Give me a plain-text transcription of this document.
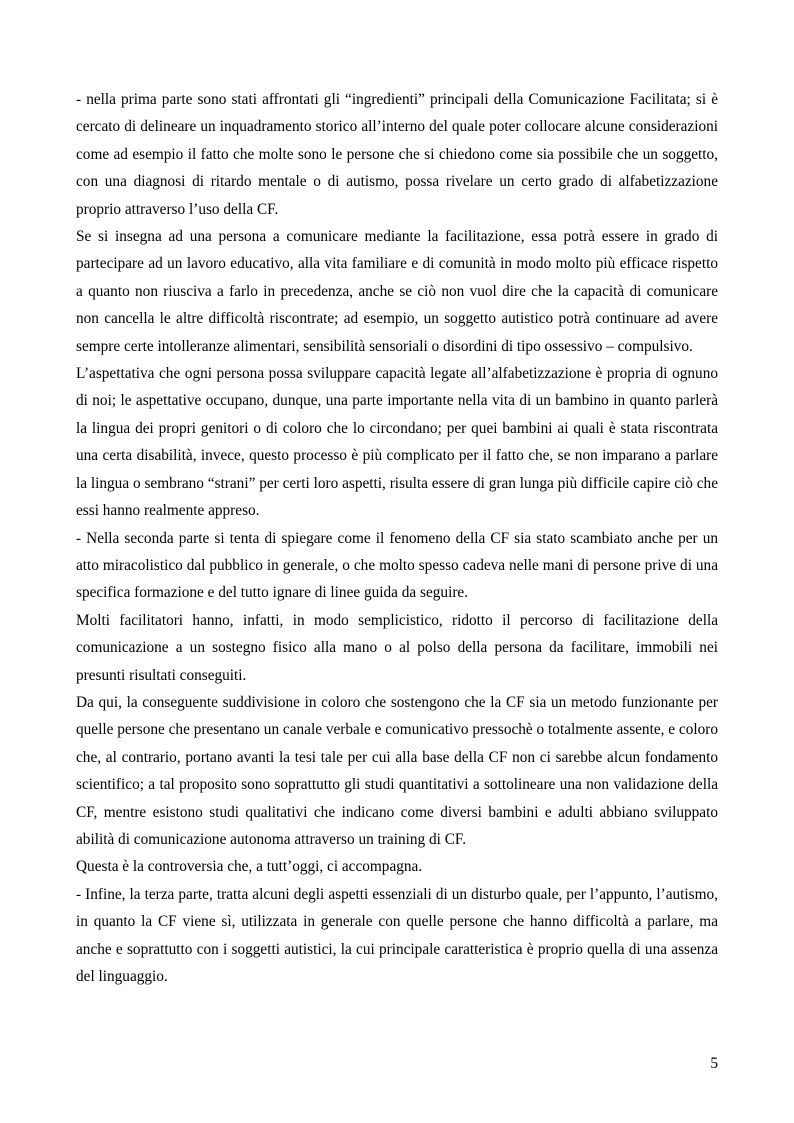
- nella prima parte sono stati affrontati gli “ingredienti” principali della Comunicazione Facilitata; si è cercato di delineare un inquadramento storico all’interno del quale poter collocare alcune considerazioni come ad esempio il fatto che molte sono le persone che si chiedono come sia possibile che un soggetto, con una diagnosi di ritardo mentale o di autismo, possa rivelare un certo grado di alfabetizzazione proprio attraverso l’uso della CF.

Se si insegna ad una persona a comunicare mediante la facilitazione, essa potrà essere in grado di partecipare ad un lavoro educativo, alla vita familiare e di comunità in modo molto più efficace rispetto a quanto non riusciva a farlo in precedenza, anche se ciò non vuol dire che la capacità di comunicare non cancella le altre difficoltà riscontrate; ad esempio, un soggetto autistico potrà continuare ad avere sempre certe intolleranze alimentari, sensibilità sensoriali o disordini di tipo ossessivo – compulsivo.

L’aspettativa che ogni persona possa sviluppare capacità legate all’alfabetizzazione è propria di ognuno di noi; le aspettative occupano, dunque, una parte importante nella vita di un bambino in quanto parlerà la lingua dei propri genitori o di coloro che lo circondano; per quei bambini ai quali è stata riscontrata una certa disabilità, invece, questo processo è più complicato per il fatto che, se non imparano a parlare la lingua o sembrano “strani” per certi loro aspetti, risulta essere di gran lunga più difficile capire ciò che essi hanno realmente appreso.

- Nella seconda parte si tenta di spiegare come il fenomeno della CF sia stato scambiato anche per un atto miracolistico dal pubblico in generale, o che molto spesso cadeva nelle mani di persone prive di una specifica formazione e del tutto ignare di linee guida da seguire.

Molti facilitatori hanno, infatti, in modo semplicistico, ridotto il percorso di facilitazione della comunicazione a un sostegno fisico alla mano o al polso della persona da facilitare, immobili nei presunti risultati conseguiti.

Da qui, la conseguente suddivisione in coloro che sostengono che la CF sia un metodo funzionante per quelle persone che presentano un canale verbale e comunicativo pressochè o totalmente assente, e coloro che, al contrario, portano avanti la tesi tale per cui alla base della CF non ci sarebbe alcun fondamento scientifico; a tal proposito sono soprattutto gli studi quantitativi a sottolineare una non validazione della CF, mentre esistono studi qualitativi che indicano come diversi bambini e adulti abbiano sviluppato abilità di comunicazione autonoma attraverso un training di CF.

Questa è la controversia che, a tutt’oggi, ci accompagna.

- Infine, la terza parte, tratta alcuni degli aspetti essenziali di un disturbo quale, per l’appunto, l’autismo, in quanto la CF viene sì, utilizzata in generale con quelle persone che hanno difficoltà a parlare, ma anche e soprattutto con i soggetti autistici, la cui principale caratteristica è proprio quella di una assenza del linguaggio.

5
